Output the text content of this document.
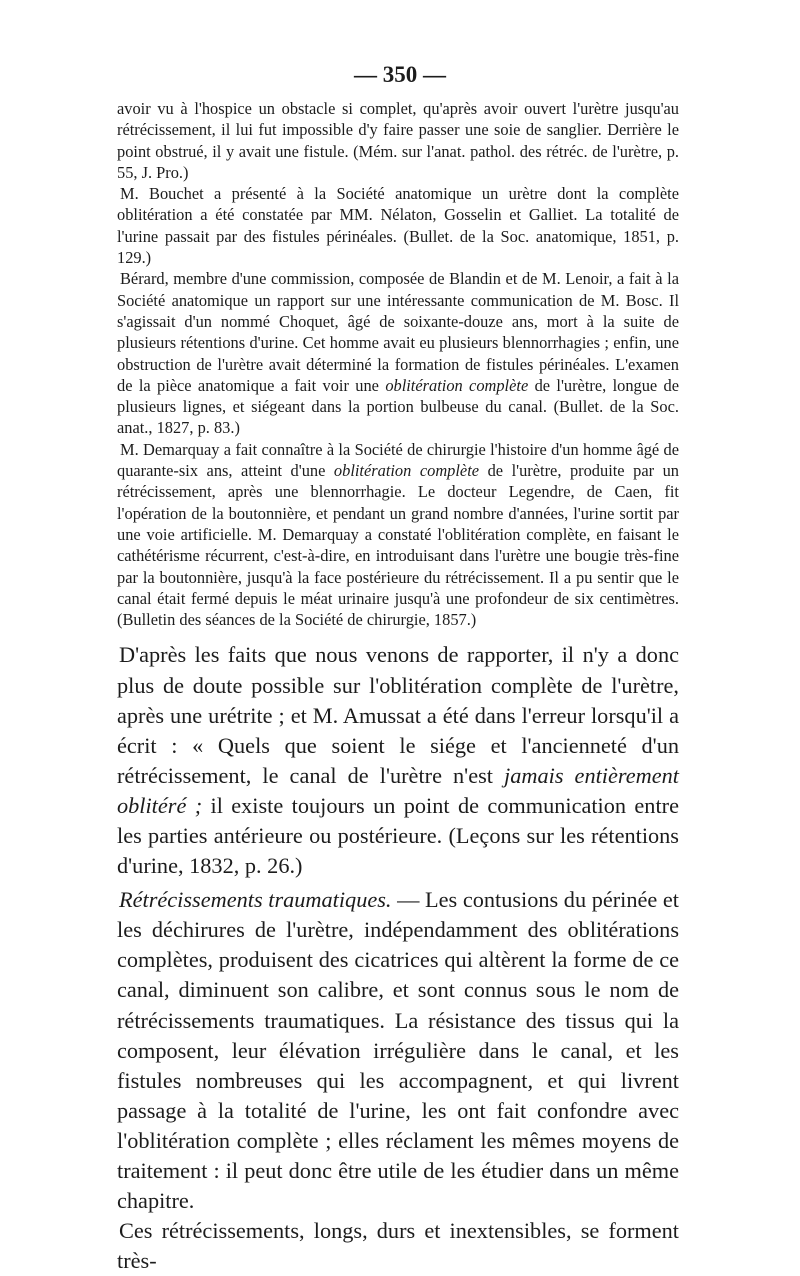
— 350 —

avoir vu à l'hospice un obstacle si complet, qu'après avoir ouvert l'urètre jusqu'au rétrécissement, il lui fut impossible d'y faire passer une soie de sanglier. Derrière le point obstrué, il y avait une fistule. (Mém. sur l'anat. pathol. des rétréc. de l'urètre, p. 55, J. Pro.)

M. Bouchet a présenté à la Société anatomique un urètre dont la complète oblitération a été constatée par MM. Nélaton, Gosselin et Galliet. La totalité de l'urine passait par des fistules périnéales. (Bullet. de la Soc. anatomique, 1851, p. 129.)

Bérard, membre d'une commission, composée de Blandin et de M. Lenoir, a fait à la Société anatomique un rapport sur une intéressante communication de M. Bosc. Il s'agissait d'un nommé Choquet, âgé de soixante-douze ans, mort à la suite de plusieurs rétentions d'urine. Cet homme avait eu plusieurs blennorrhagies ; enfin, une obstruction de l'urètre avait déterminé la formation de fistules périnéales. L'examen de la pièce anatomique a fait voir une oblitération complète de l'urètre, longue de plusieurs lignes, et siégeant dans la portion bulbeuse du canal. (Bullet. de la Soc. anat., 1827, p. 83.)

M. Demarquay a fait connaître à la Société de chirurgie l'histoire d'un homme âgé de quarante-six ans, atteint d'une oblitération complète de l'urètre, produite par un rétrécissement, après une blennorrhagie. Le docteur Legendre, de Caen, fit l'opération de la boutonnière, et pendant un grand nombre d'années, l'urine sortit par une voie artificielle. M. Demarquay a constaté l'oblitération complète, en faisant le cathétérisme récurrent, c'est-à-dire, en introduisant dans l'urètre une bougie très-fine par la boutonnière, jusqu'à la face postérieure du rétrécissement. Il a pu sentir que le canal était fermé depuis le méat urinaire jusqu'à une profondeur de six centimètres. (Bulletin des séances de la Société de chirurgie, 1857.)

D'après les faits que nous venons de rapporter, il n'y a donc plus de doute possible sur l'oblitération complète de l'urètre, après une urétrite ; et M. Amussat a été dans l'erreur lorsqu'il a écrit : « Quels que soient le siége et l'ancienneté d'un rétrécissement, le canal de l'urètre n'est jamais entièrement oblitéré ; il existe toujours un point de communication entre les parties antérieure ou postérieure. (Leçons sur les rétentions d'urine, 1832, p. 26.)

Rétrécissements traumatiques. — Les contusions du périnée et les déchirures de l'urètre, indépendamment des oblitérations complètes, produisent des cicatrices qui altèrent la forme de ce canal, diminuent son calibre, et sont connus sous le nom de rétrécissements traumatiques. La résistance des tissus qui la composent, leur élévation irrégulière dans le canal, et les fistules nombreuses qui les accompagnent, et qui livrent passage à la totalité de l'urine, les ont fait confondre avec l'oblitération complète ; elles réclament les mêmes moyens de traitement : il peut donc être utile de les étudier dans un même chapitre.

Ces rétrécissements, longs, durs et inextensibles, se forment très-
